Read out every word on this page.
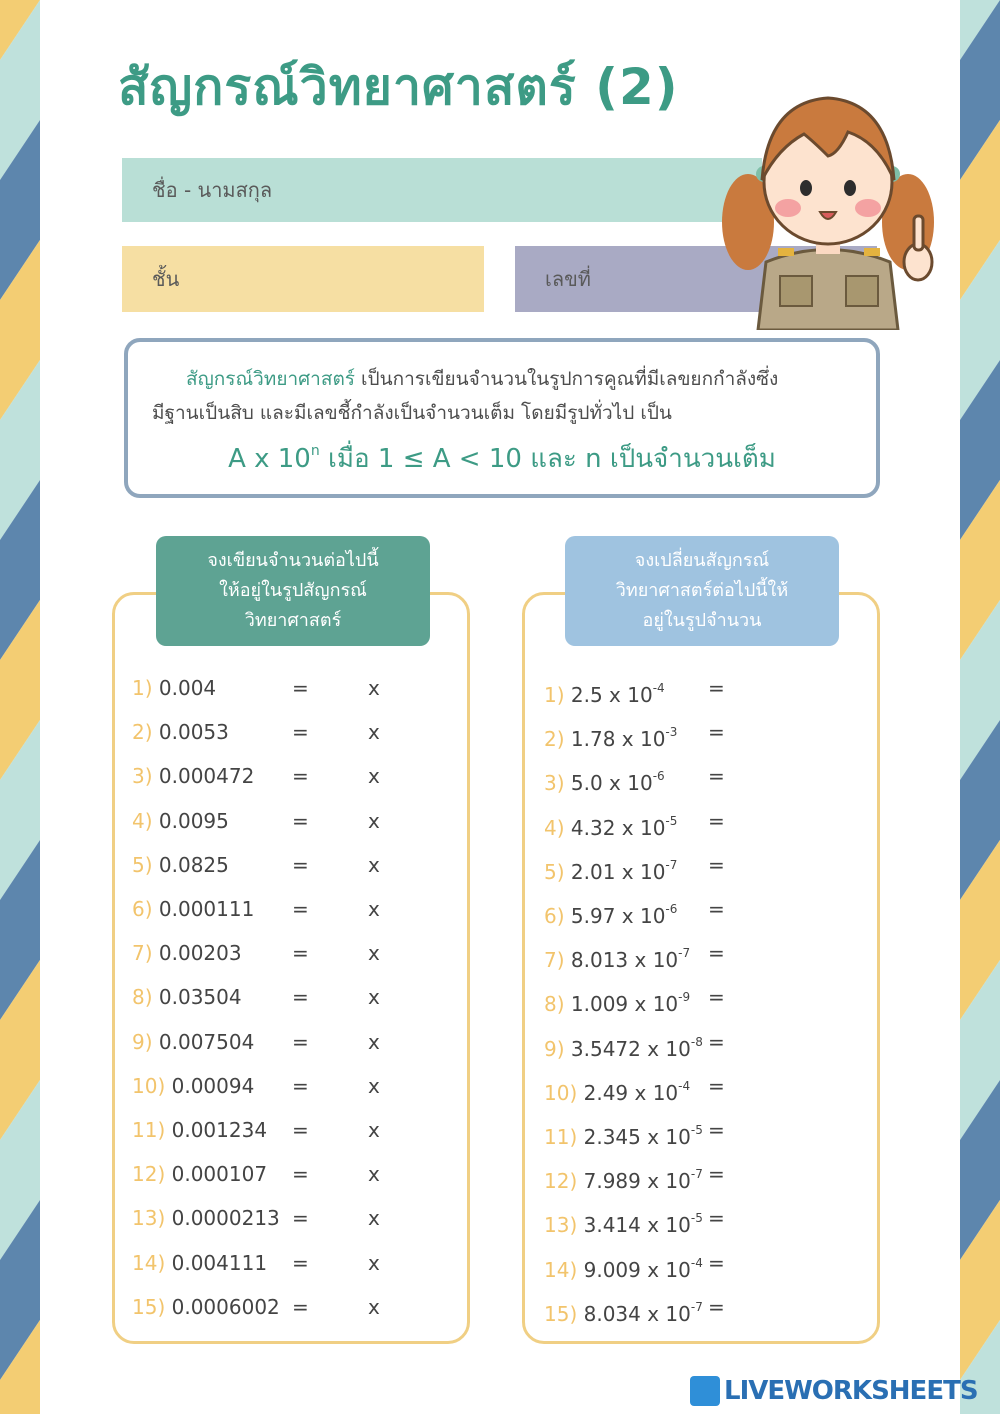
สัญกรณ์วิทยาศาสตร์ (2)
ชื่อ - นามสกุล
ชั้น	เลขที่
สัญกรณ์วิทยาศาสตร์ เป็นการเขียนจำนวนในรูปการคูณที่มีเลขยกกำลังซึ่ง
มีฐานเป็นสิบ และมีเลขชี้กำลังเป็นจำนวนเต็ม โดยมีรูปทั่วไป เป็น
A x 10$^n$ เมื่อ 1 ≤ A < 10 และ n เป็นจำนวนเต็ม
จงเขียนจำนวนต่อไปนี้
ให้อยู่ในรูปสัญกรณ์
วิทยาศาสตร์
จงเปลี่ยนสัญกรณ์
วิทยาศาสตร์ต่อไปนี้ให้
อยู่ในรูปจำนวน
1) 0.004	=	x
2) 0.0053	=	x
3) 0.000472 =	x
4) 0.0095	=	x
5) 0.0825	=	x
6) 0.000111 =	x
7) 0.00203	=	x
8) 0.03504	=	x
9) 0.007504 =	x
10) 0.00094 =	x
11) 0.001234 =	x
12) 0.000107 =	x
13) 0.0000213 =	x
14) 0.004111 =	x
15) 0.0006002 =	x
1) 2.5 x $10^{-4}$ =
2) 1.78 x $10^{-3}$ =
3) 5.0 x $10^{-6}$ =
4) 4.32 x $10^{-5}$ =
5) 2.01 x $10^{-7}$ =
6) 5.97 x $10^{-6}$ =
7) 8.013 x $10^{-7}$ =
8) 1.009 x $10^{-9}$ =
9) 3.5472 x $10^{-8}$ =
10) 2.49 x $10^{-4}$ =
11) 2.345 x $10^{-5}$ =
12) 7.989 x $10^{-7}$ =
13) 3.414 x $10^{-5}$ =
14) 9.009 x $10^{-4}$ =
15) 8.034 x $10^{-7}$ =
LIVEWORKSHEETS
